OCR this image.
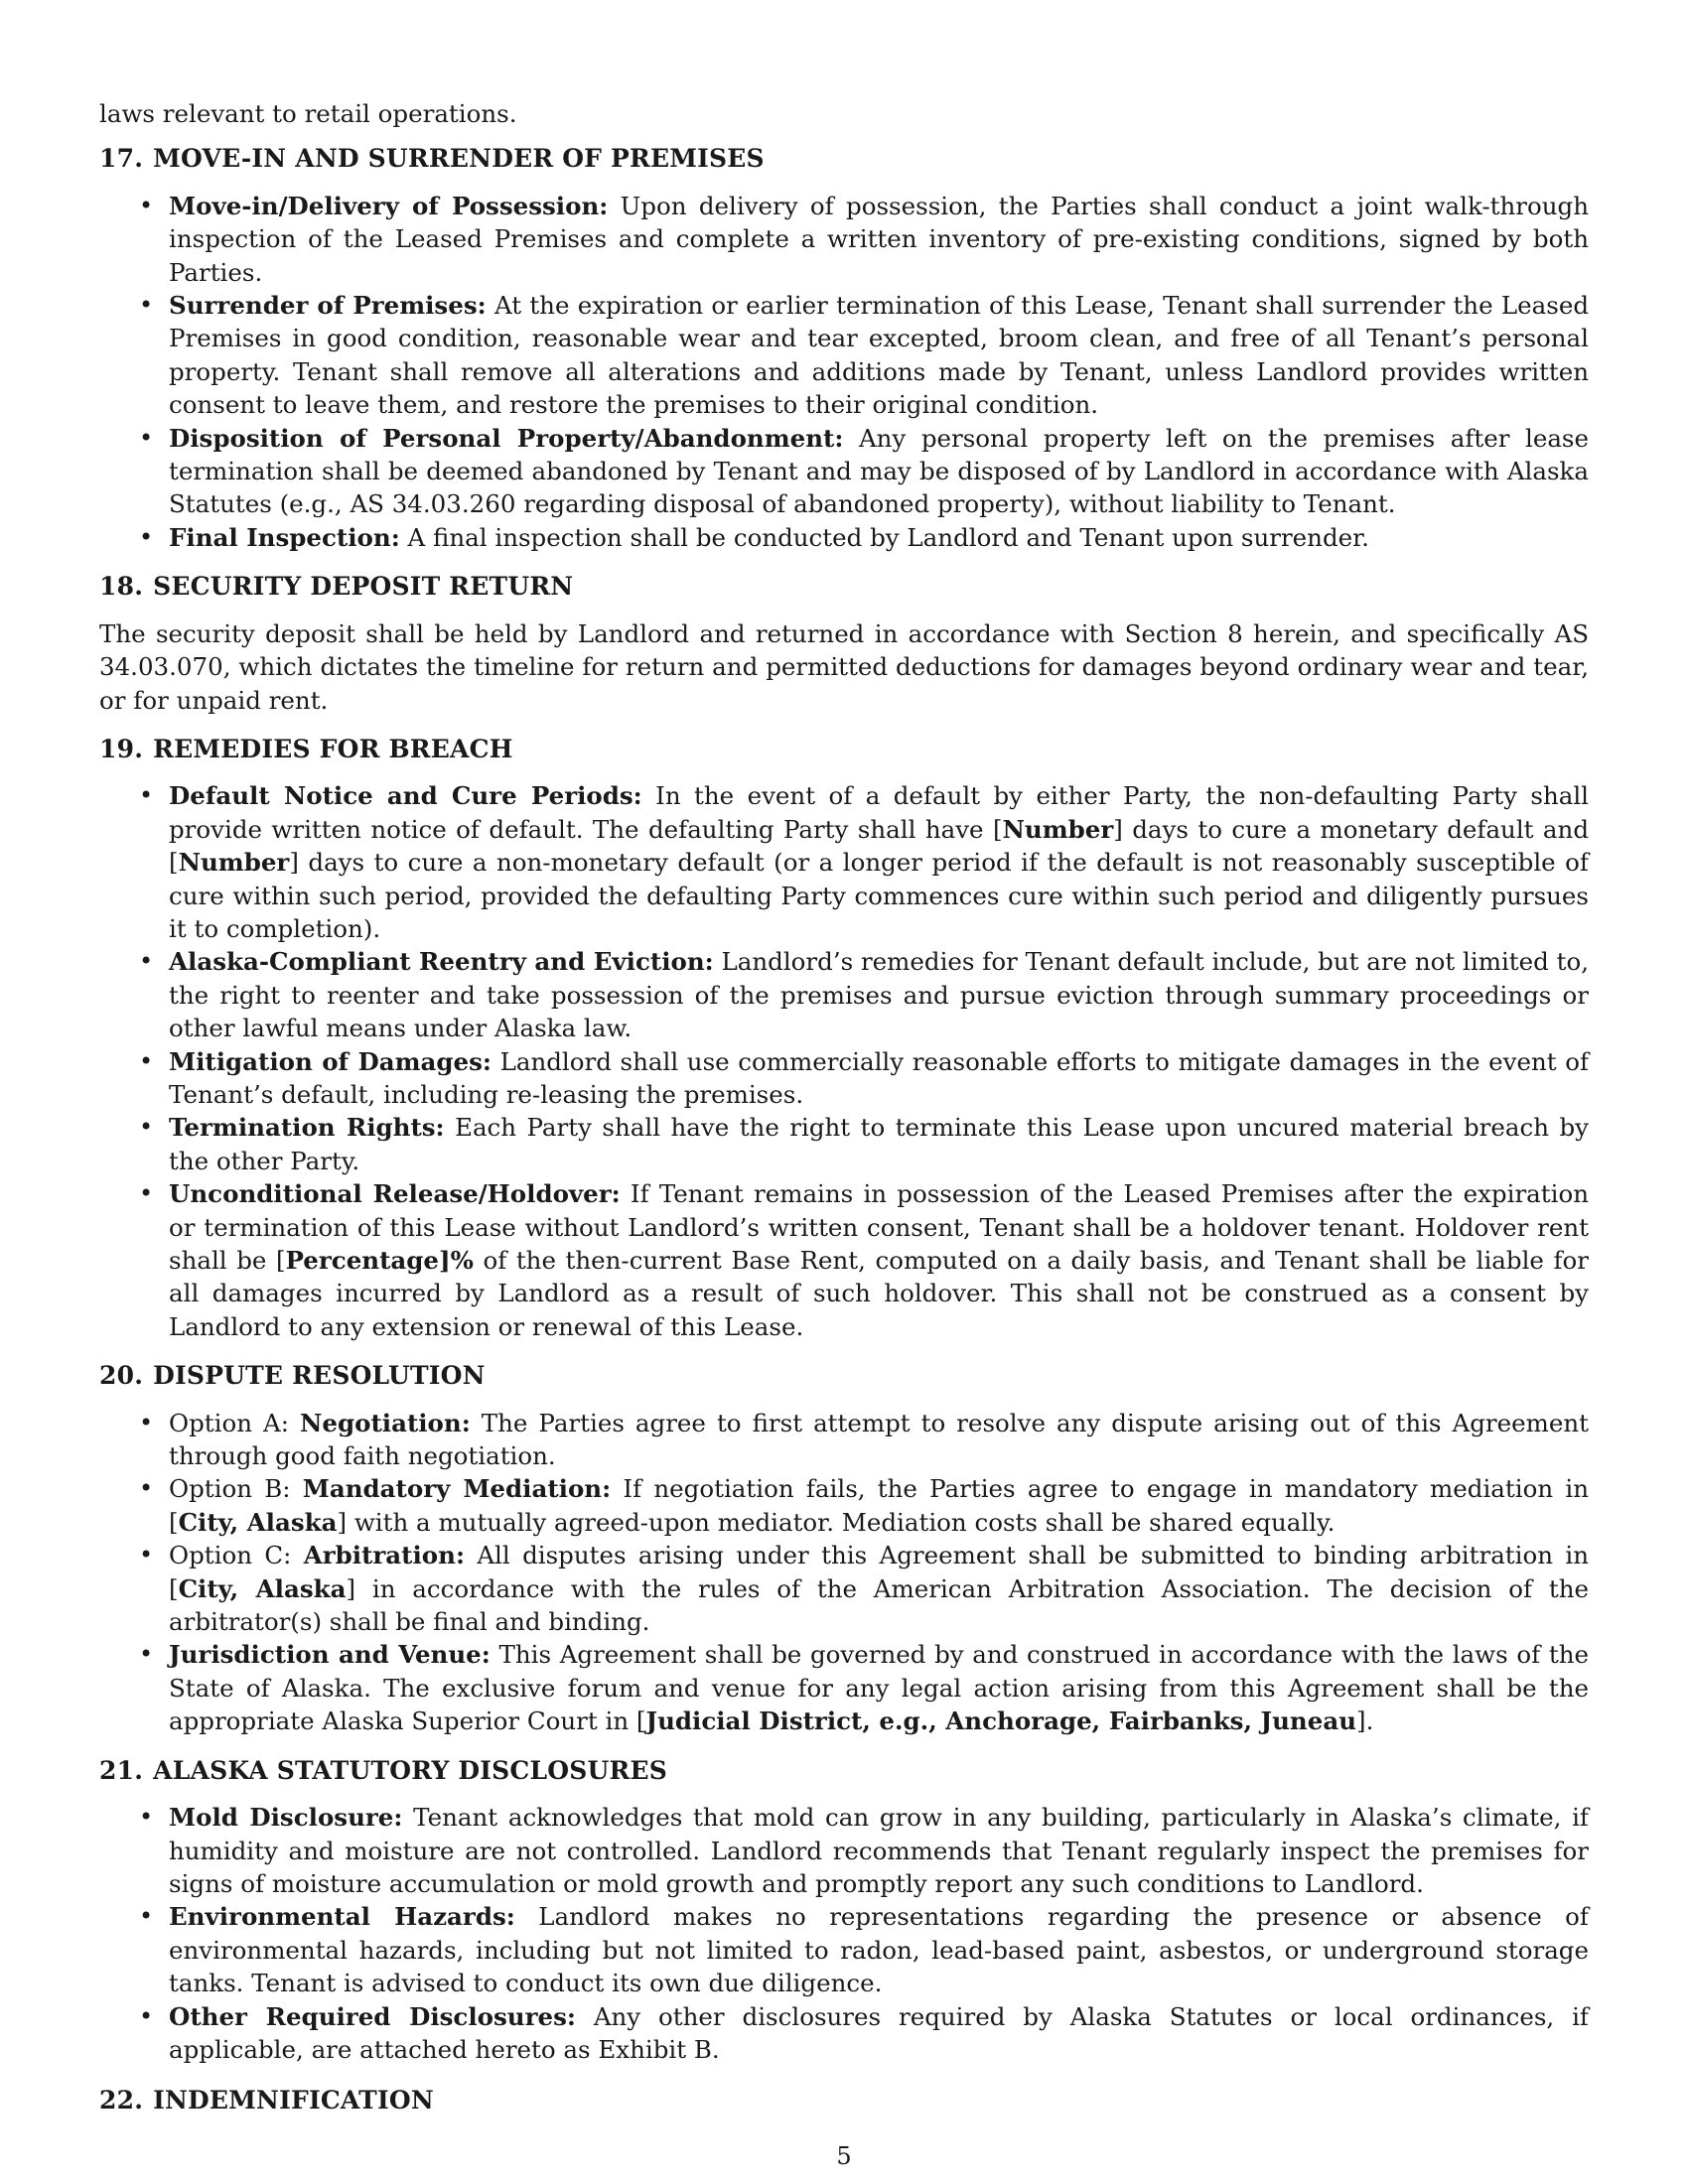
laws relevant to retail operations.

17. MOVE-IN AND SURRENDER OF PREMISES
• Move-in/Delivery of Possession: Upon delivery of possession, the Parties shall conduct a joint walk-through inspection of the Leased Premises and complete a written inventory of pre-existing conditions, signed by both Parties.
• Surrender of Premises: At the expiration or earlier termination of this Lease, Tenant shall surrender the Leased Premises in good condition, reasonable wear and tear excepted, broom clean, and free of all Tenant’s personal property. Tenant shall remove all alterations and additions made by Tenant, unless Landlord provides written consent to leave them, and restore the premises to their original condition.
• Disposition of Personal Property/Abandonment: Any personal property left on the premises after lease termination shall be deemed abandoned by Tenant and may be disposed of by Landlord in accordance with Alaska Statutes (e.g., AS 34.03.260 regarding disposal of abandoned property), without liability to Tenant.
• Final Inspection: A final inspection shall be conducted by Landlord and Tenant upon surrender.
18. SECURITY DEPOSIT RETURN

The security deposit shall be held by Landlord and returned in accordance with Section 8 herein, and specifically AS 34.03.070, which dictates the timeline for return and permitted deductions for damages beyond ordinary wear and tear, or for unpaid rent.

19. REMEDIES FOR BREACH
• Default Notice and Cure Periods: In the event of a default by either Party, the non-defaulting Party shall provide written notice of default. The defaulting Party shall have [Number] days to cure a monetary default and [Number] days to cure a non-monetary default (or a longer period if the default is not reasonably susceptible of cure within such period, provided the defaulting Party commences cure within such period and diligently pursues it to completion).
• Alaska-Compliant Reentry and Eviction: Landlord’s remedies for Tenant default include, but are not limited to, the right to reenter and take possession of the premises and pursue eviction through summary proceedings or other lawful means under Alaska law.
• Mitigation of Damages: Landlord shall use commercially reasonable efforts to mitigate damages in the event of Tenant’s default, including re-leasing the premises.
• Termination Rights: Each Party shall have the right to terminate this Lease upon uncured material breach by the other Party.
• Unconditional Release/Holdover: If Tenant remains in possession of the Leased Premises after the expiration or termination of this Lease without Landlord’s written consent, Tenant shall be a holdover tenant. Holdover rent shall be [Percentage]% of the then-current Base Rent, computed on a daily basis, and Tenant shall be liable for all damages incurred by Landlord as a result of such holdover. This shall not be construed as a consent by Landlord to any extension or renewal of this Lease.
20. DISPUTE RESOLUTION
• Option A: Negotiation: The Parties agree to first attempt to resolve any dispute arising out of this Agreement through good faith negotiation.
• Option B: Mandatory Mediation: If negotiation fails, the Parties agree to engage in mandatory mediation in [City, Alaska] with a mutually agreed-upon mediator. Mediation costs shall be shared equally.
• Option C: Arbitration: All disputes arising under this Agreement shall be submitted to binding arbitration in [City, Alaska] in accordance with the rules of the American Arbitration Association. The decision of the arbitrator(s) shall be final and binding.
• Jurisdiction and Venue: This Agreement shall be governed by and construed in accordance with the laws of the State of Alaska. The exclusive forum and venue for any legal action arising from this Agreement shall be the appropriate Alaska Superior Court in [Judicial District, e.g., Anchorage, Fairbanks, Juneau].
21. ALASKA STATUTORY DISCLOSURES
• Mold Disclosure: Tenant acknowledges that mold can grow in any building, particularly in Alaska’s climate, if humidity and moisture are not controlled. Landlord recommends that Tenant regularly inspect the premises for signs of moisture accumulation or mold growth and promptly report any such conditions to Landlord.
• Environmental Hazards: Landlord makes no representations regarding the presence or absence of environmental hazards, including but not limited to radon, lead-based paint, asbestos, or underground storage tanks. Tenant is advised to conduct its own due diligence.
• Other Required Disclosures: Any other disclosures required by Alaska Statutes or local ordinances, if applicable, are attached hereto as Exhibit B.
22. INDEMNIFICATION
5
